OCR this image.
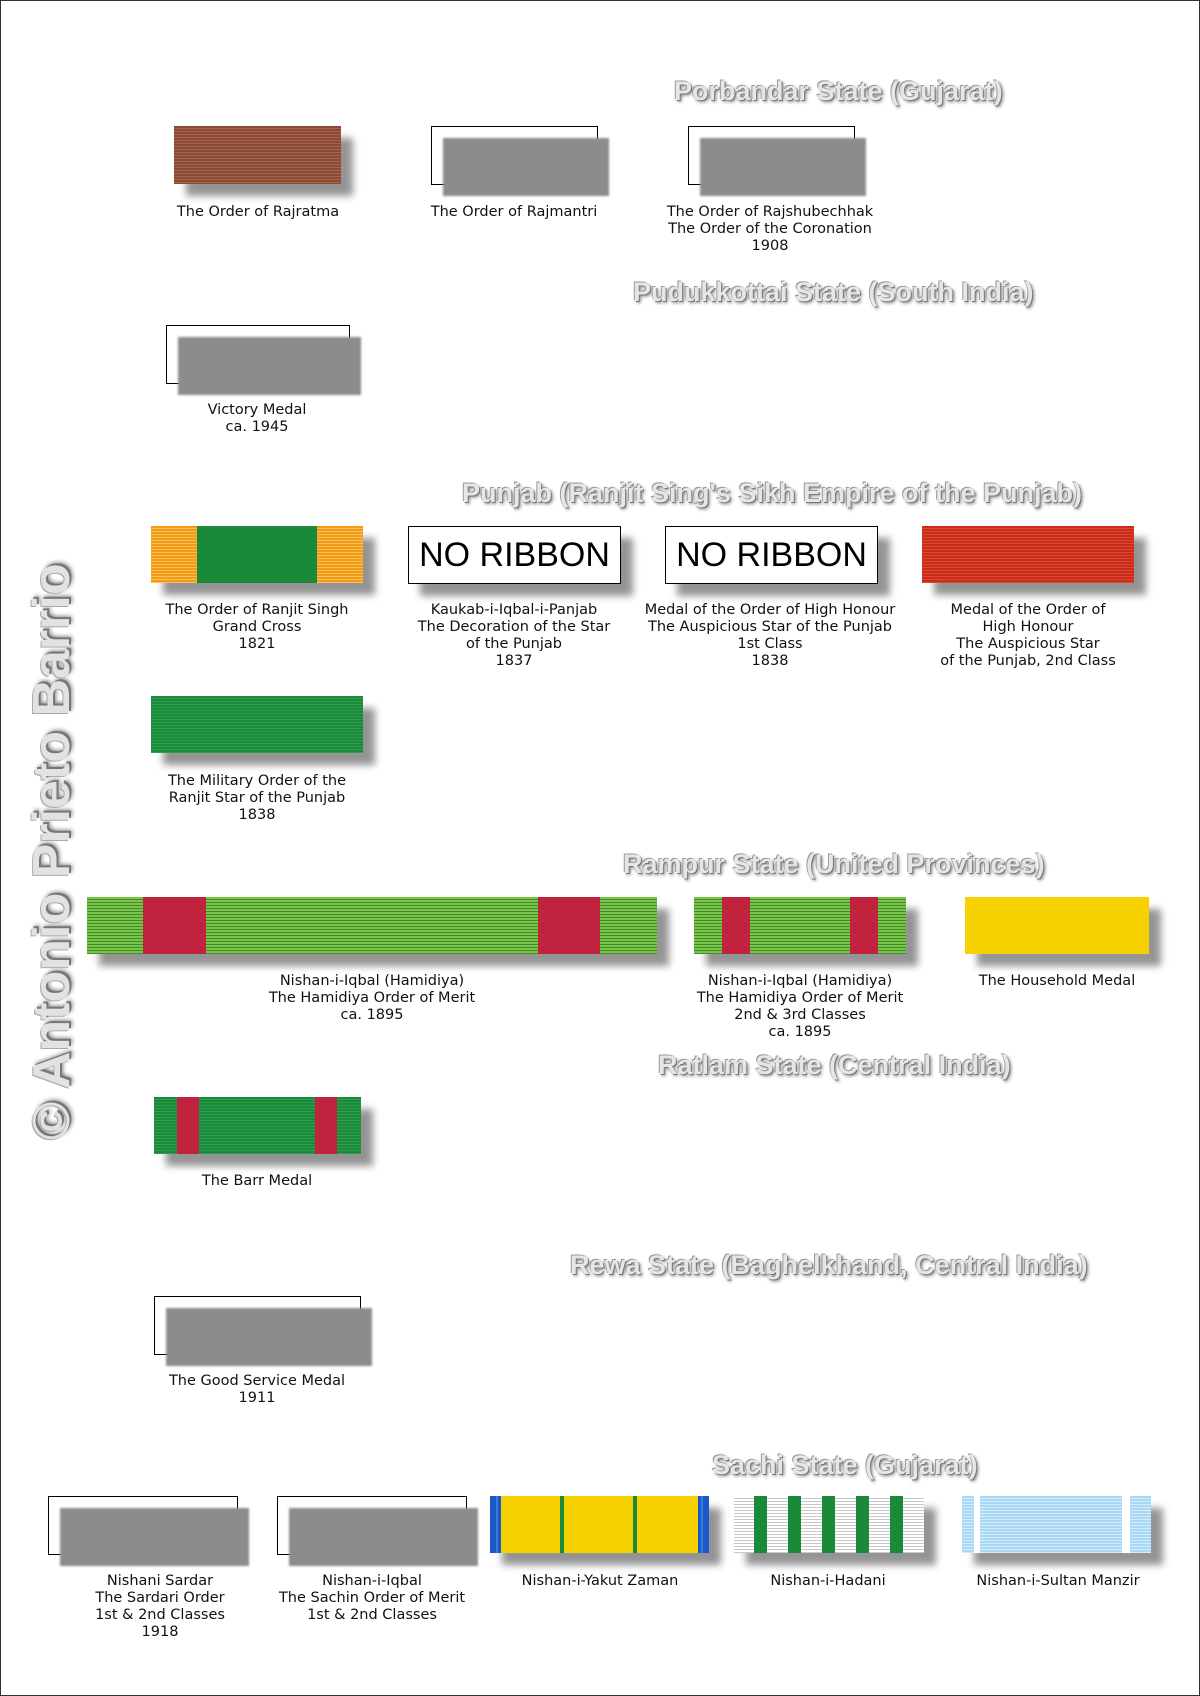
© Antonio Prieto Barrio
Porbandar State (Gujarat)
Pudukkottai State (South India)
Punjab (Ranjit Sing's Sikh Empire of the Punjab)
Rampur State (United Provinces)
Ratlam State (Central India)
Rewa State (Baghelkhand, Central India)
Sachi State (Gujarat)
The Order of Rajratma	The Order of Rajmantri	The Order of Rajshubechhak
The Order of the Coronation
1908
Victory Medal
ca. 1945
NO RIBBON	NO RIBBON
The Order of Ranjit Singh
Grand Cross
1821
Kaukab-i-Iqbal-i-Panjab
The Decoration of the Star
of the Punjab
1837
Medal of the Order of High Honour
The Auspicious Star of the Punjab
1st Class
1838
Medal of the Order of
High Honour
The Auspicious Star
of the Punjab, 2nd Class
The Military Order of the
Ranjit Star of the Punjab
1838
Nishan-i-Iqbal (Hamidiya)
The Hamidiya Order of Merit
ca. 1895
Nishan-i-Iqbal (Hamidiya)
The Hamidiya Order of Merit
2nd & 3rd Classes
ca. 1895
The Household Medal
The Barr Medal
The Good Service Medal
1911
Nishani Sardar
The Sardari Order
1st & 2nd Classes
1918
Nishan-i-Iqbal
The Sachin Order of Merit
1st & 2nd Classes
Nishan-i-Yakut Zaman	Nishan-i-Hadani	Nishan-i-Sultan Manzir
